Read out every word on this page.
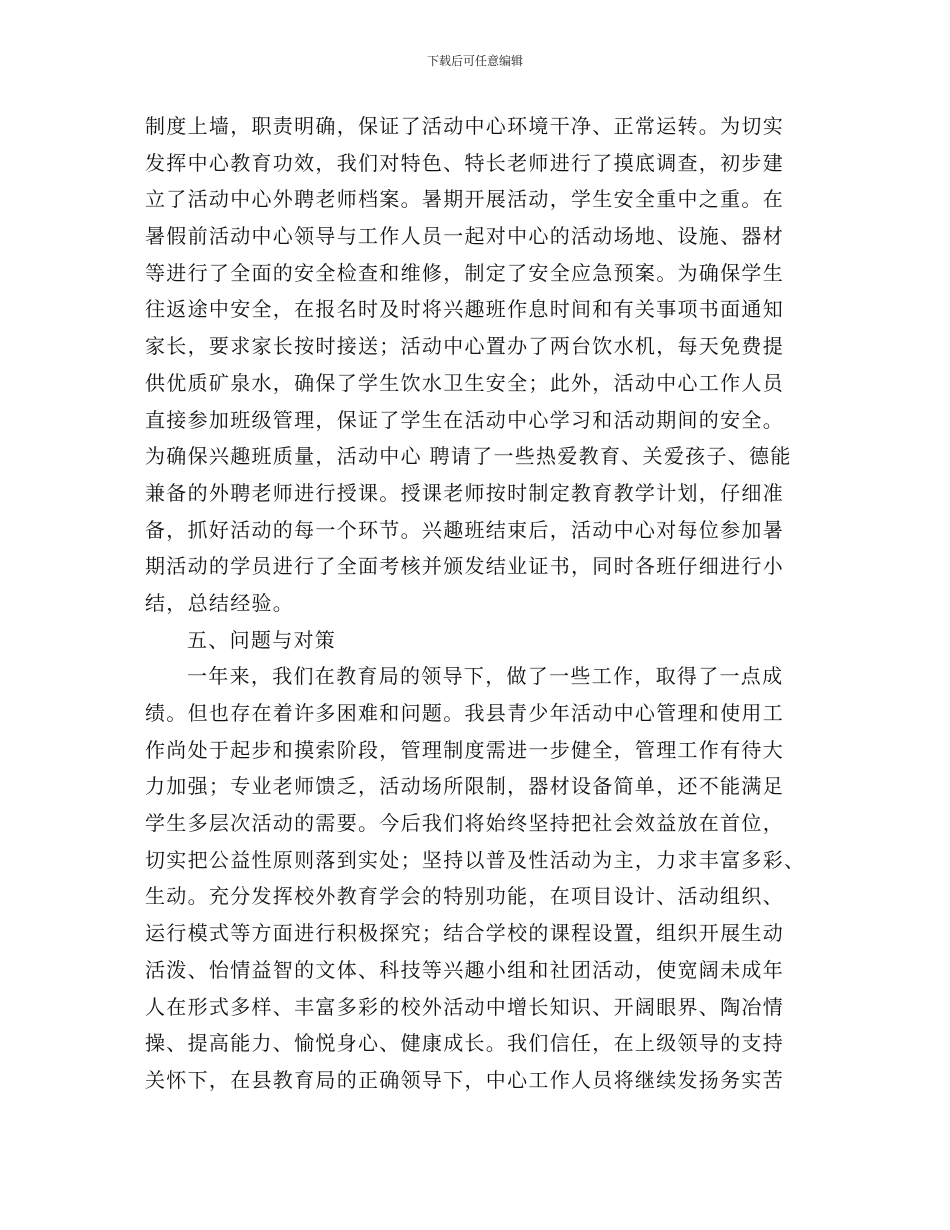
下载后可任意编辑
制度上墙，职责明确，保证了活动中心环境干净、正常运转。为切实
发挥中心教育功效，我们对特色、特长老师进行了摸底调查，初步建
立了活动中心外聘老师档案。暑期开展活动，学生安全重中之重。在
暑假前活动中心领导与工作人员一起对中心的活动场地、设施、器材
等进行了全面的安全检查和维修，制定了安全应急预案。为确保学生
往返途中安全，在报名时及时将兴趣班作息时间和有关事项书面通知
家长，要求家长按时接送；活动中心置办了两台饮水机，每天免费提
供优质矿泉水，确保了学生饮水卫生安全；此外，活动中心工作人员
直接参加班级管理，保证了学生在活动中心学习和活动期间的安全。
为确保兴趣班质量，活动中心 聘请了一些热爱教育、关爱孩子、德能
兼备的外聘老师进行授课。授课老师按时制定教育教学计划，仔细准
备，抓好活动的每一个环节。兴趣班结束后，活动中心对每位参加暑
期活动的学员进行了全面考核并颁发结业证书，同时各班仔细进行小
结，总结经验。
五、问题与对策
一年来，我们在教育局的领导下，做了一些工作，取得了一点成
绩。但也存在着许多困难和问题。我县青少年活动中心管理和使用工
作尚处于起步和摸索阶段，管理制度需进一步健全，管理工作有待大
力加强；专业老师馈乏，活动场所限制，器材设备简单，还不能满足
学生多层次活动的需要。今后我们将始终坚持把社会效益放在首位，
切实把公益性原则落到实处；坚持以普及性活动为主，力求丰富多彩、
生动。充分发挥校外教育学会的特别功能，在项目设计、活动组织、
运行模式等方面进行积极探究；结合学校的课程设置，组织开展生动
活泼、怡情益智的文体、科技等兴趣小组和社团活动，使宽阔未成年
人在形式多样、丰富多彩的校外活动中增长知识、开阔眼界、陶冶情
操、提高能力、愉悦身心、健康成长。我们信任，在上级领导的支持
关怀下，在县教育局的正确领导下，中心工作人员将继续发扬务实苦
